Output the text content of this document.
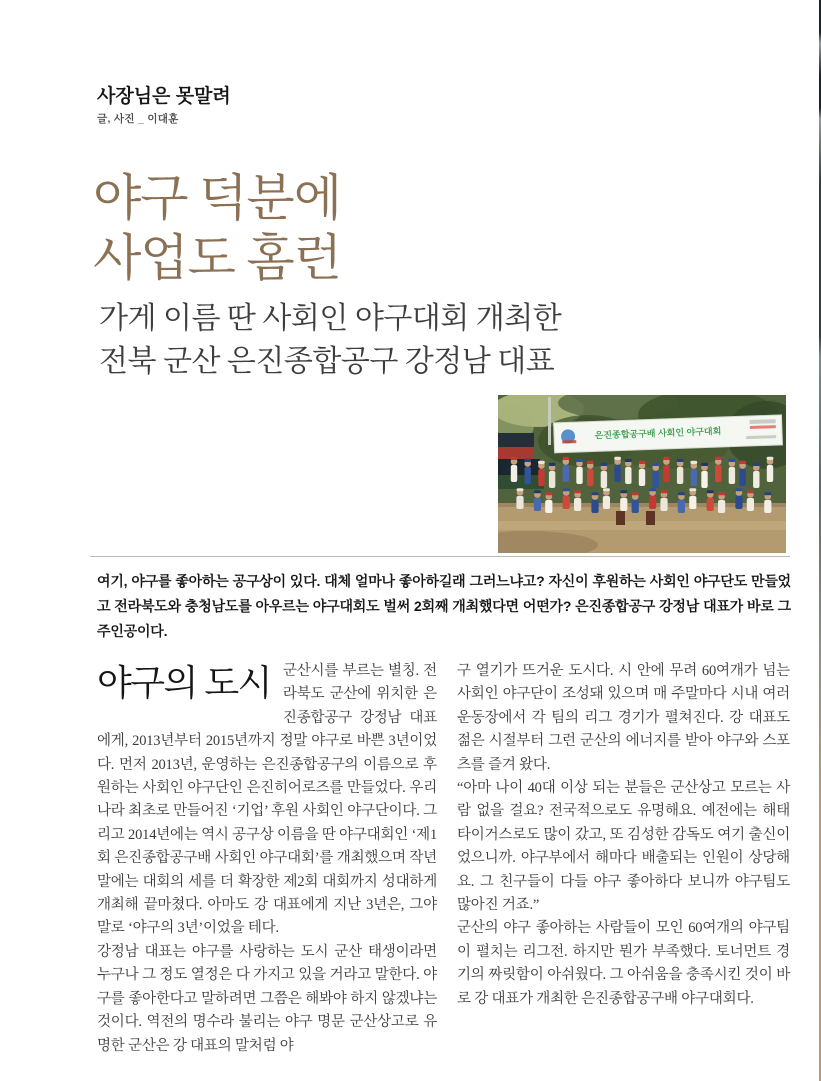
사장님은 못말려
글, 사진 _ 이대훈
야구 덕분에
사업도 홈런
가게 이름 딴 사회인 야구대회 개최한
전북 군산 은진종합공구 강정남 대표
은진종합공구배 사회인 야구대회
여기, 야구를 좋아하는 공구상이 있다. 대체 얼마나 좋아하길래 그러느냐고? 자신이 후원하는 사회인 야구단도 만들었고 전라북도와 충청남도를 아우르는 야구대회도 벌써 2회째 개최했다면 어떤가? 은진종합공구 강정남 대표가 바로 그 주인공이다.

야구의 도시 군산시를 부르는 별칭. 전라북도 군산에 위치한 은진종합공구 강정남 대표에게, 2013년부터 2015년까지 정말 야구로 바쁜 3년이었다. 먼저 2013년, 운영하는 은진종합공구의 이름으로 후원하는 사회인 야구단인 은진히어로즈를 만들었다. 우리나라 최초로 만들어진 ‘기업’ 후원 사회인 야구단이다. 그리고 2014년에는 역시 공구상 이름을 딴 야구대회인 ‘제1회 은진종합공구배 사회인 야구대회’를 개최했으며 작년 말에는 대회의 세를 더 확장한 제2회 대회까지 성대하게 개최해 끝마쳤다. 아마도 강 대표에게 지난 3년은, 그야말로 ‘야구의 3년’이었을 테다.

강정남 대표는 야구를 사랑하는 도시 군산 태생이라면 누구나 그 정도 열정은 다 가지고 있을 거라고 말한다. 야구를 좋아한다고 말하려면 그쯤은 해봐야 하지 않겠냐는 것이다. 역전의 명수라 불리는 야구 명문 군산상고로 유명한 군산은 강 대표의 말처럼 야

구 열기가 뜨거운 도시다. 시 안에 무려 60여개가 넘는 사회인 야구단이 조성돼 있으며 매 주말마다 시내 여러 운동장에서 각 팀의 리그 경기가 펼쳐진다. 강 대표도 젊은 시절부터 그런 군산의 에너지를 받아 야구와 스포츠를 즐겨 왔다.

“아마 나이 40대 이상 되는 분들은 군산상고 모르는 사람 없을 걸요? 전국적으로도 유명해요. 예전에는 해태 타이거스로도 많이 갔고, 또 김성한 감독도 여기 출신이었으니까. 야구부에서 해마다 배출되는 인원이 상당해요. 그 친구들이 다들 야구 좋아하다 보니까 야구팀도 많아진 거죠.”

군산의 야구 좋아하는 사람들이 모인 60여개의 야구팀이 펼치는 리그전. 하지만 뭔가 부족했다. 토너먼트 경기의 짜릿함이 아쉬웠다. 그 아쉬움을 충족시킨 것이 바로 강 대표가 개최한 은진종합공구배 야구대회다.
